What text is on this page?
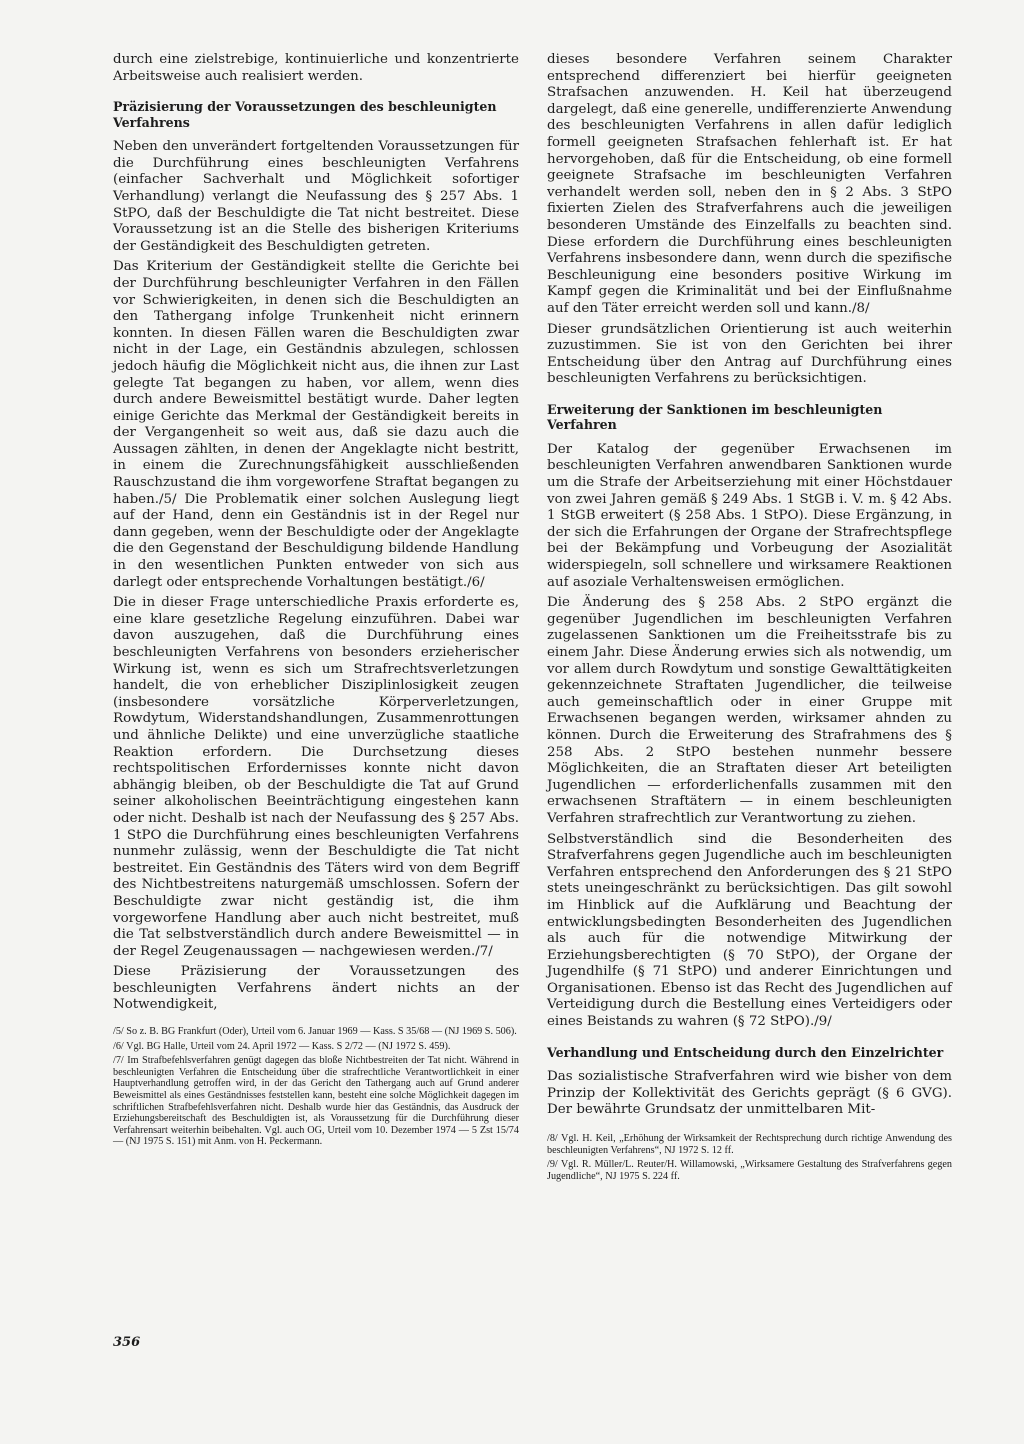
durch eine zielstrebige, kontinuierliche und konzentrierte Arbeitsweise auch realisiert werden.

Präzisierung der Voraussetzungen des beschleunigten Verfahrens

Neben den unverändert fortgeltenden Voraussetzungen für die Durchführung eines beschleunigten Verfahrens (einfacher Sachverhalt und Möglichkeit sofortiger Verhandlung) verlangt die Neufassung des § 257 Abs. 1 StPO, daß der Beschuldigte die Tat nicht bestreitet. Diese Voraussetzung ist an die Stelle des bisherigen Kriteriums der Geständigkeit des Beschuldigten getreten.

Das Kriterium der Geständigkeit stellte die Gerichte bei der Durchführung beschleunigter Verfahren in den Fällen vor Schwierigkeiten, in denen sich die Beschuldigten an den Tathergang infolge Trunkenheit nicht erinnern konnten. In diesen Fällen waren die Beschuldigten zwar nicht in der Lage, ein Geständnis abzulegen, schlossen jedoch häufig die Möglichkeit nicht aus, die ihnen zur Last gelegte Tat begangen zu haben, vor allem, wenn dies durch andere Beweismittel bestätigt wurde. Daher legten einige Gerichte das Merkmal der Geständigkeit bereits in der Vergangenheit so weit aus, daß sie dazu auch die Aussagen zählten, in denen der Angeklagte nicht bestritt, in einem die Zurechnungsfähigkeit ausschließenden Rauschzustand die ihm vorgeworfene Straftat begangen zu haben./5/ Die Problematik einer solchen Auslegung liegt auf der Hand, denn ein Geständnis ist in der Regel nur dann gegeben, wenn der Beschuldigte oder der Angeklagte die den Gegenstand der Beschuldigung bildende Handlung in den wesentlichen Punkten entweder von sich aus darlegt oder entsprechende Vorhaltungen bestätigt./6/

Die in dieser Frage unterschiedliche Praxis erforderte es, eine klare gesetzliche Regelung einzuführen. Dabei war davon auszugehen, daß die Durchführung eines beschleunigten Verfahrens von besonders erzieherischer Wirkung ist, wenn es sich um Strafrechtsverletzungen handelt, die von erheblicher Disziplinlosigkeit zeugen (insbesondere vorsätzliche Körperverletzungen, Rowdytum, Widerstandshandlungen, Zusammenrottungen und ähnliche Delikte) und eine unverzügliche staatliche Reaktion erfordern. Die Durchsetzung dieses rechtspolitischen Erfordernisses konnte nicht davon abhängig bleiben, ob der Beschuldigte die Tat auf Grund seiner alkoholischen Beeinträchtigung eingestehen kann oder nicht. Deshalb ist nach der Neufassung des § 257 Abs. 1 StPO die Durchführung eines beschleunigten Verfahrens nunmehr zulässig, wenn der Beschuldigte die Tat nicht bestreitet. Ein Geständnis des Täters wird von dem Begriff des Nichtbestreitens naturgemäß umschlossen. Sofern der Beschuldigte zwar nicht geständig ist, die ihm vorgeworfene Handlung aber auch nicht bestreitet, muß die Tat selbstverständlich durch andere Beweismittel — in der Regel Zeugenaussagen — nachgewiesen werden./7/

Diese Präzisierung der Voraussetzungen des beschleunigten Verfahrens ändert nichts an der Notwendigkeit,

/5/ So z. B. BG Frankfurt (Oder), Urteil vom 6. Januar 1969 — Kass. S 35/68 — (NJ 1969 S. 506).
/6/ Vgl. BG Halle, Urteil vom 24. April 1972 — Kass. S 2/72 — (NJ 1972 S. 459).
/7/ Im Strafbefehlsverfahren genügt dagegen das bloße Nichtbestreiten der Tat nicht. Während in beschleunigten Verfahren die Entscheidung über die strafrechtliche Verantwortlichkeit in einer Hauptverhandlung getroffen wird, in der das Gericht den Tathergang auch auf Grund anderer Beweismittel als eines Geständnisses feststellen kann, besteht eine solche Möglichkeit dagegen im schriftlichen Strafbefehlsverfahren nicht. Deshalb wurde hier das Geständnis, das Ausdruck der Erziehungsbereitschaft des Beschuldigten ist, als Voraussetzung für die Durchführung dieser Verfahrensart weiterhin beibehalten. Vgl. auch OG, Urteil vom 10. Dezember 1974 — 5 Zst 15/74 — (NJ 1975 S. 151) mit Anm. von H. Peckermann.

dieses besondere Verfahren seinem Charakter entsprechend differenziert bei hierfür geeigneten Strafsachen anzuwenden. H. Keil hat überzeugend dargelegt, daß eine generelle, undifferenzierte Anwendung des beschleunigten Verfahrens in allen dafür lediglich formell geeigneten Strafsachen fehlerhaft ist. Er hat hervorgehoben, daß für die Entscheidung, ob eine formell geeignete Strafsache im beschleunigten Verfahren verhandelt werden soll, neben den in § 2 Abs. 3 StPO fixierten Zielen des Strafverfahrens auch die jeweiligen besonderen Umstände des Einzelfalls zu beachten sind. Diese erfordern die Durchführung eines beschleunigten Verfahrens insbesondere dann, wenn durch die spezifische Beschleunigung eine besonders positive Wirkung im Kampf gegen die Kriminalität und bei der Einflußnahme auf den Täter erreicht werden soll und kann./8/

Dieser grundsätzlichen Orientierung ist auch weiterhin zuzustimmen. Sie ist von den Gerichten bei ihrer Entscheidung über den Antrag auf Durchführung eines beschleunigten Verfahrens zu berücksichtigen.

Erweiterung der Sanktionen im beschleunigten Verfahren

Der Katalog der gegenüber Erwachsenen im beschleunigten Verfahren anwendbaren Sanktionen wurde um die Strafe der Arbeitserziehung mit einer Höchstdauer von zwei Jahren gemäß § 249 Abs. 1 StGB i. V. m. § 42 Abs. 1 StGB erweitert (§ 258 Abs. 1 StPO). Diese Ergänzung, in der sich die Erfahrungen der Organe der Strafrechtspflege bei der Bekämpfung und Vorbeugung der Asozialität widerspiegeln, soll schnellere und wirksamere Reaktionen auf asoziale Verhaltensweisen ermöglichen.

Die Änderung des § 258 Abs. 2 StPO ergänzt die gegenüber Jugendlichen im beschleunigten Verfahren zugelassenen Sanktionen um die Freiheitsstrafe bis zu einem Jahr. Diese Änderung erwies sich als notwendig, um vor allem durch Rowdytum und sonstige Gewalttätigkeiten gekennzeichnete Straftaten Jugendlicher, die teilweise auch gemeinschaftlich oder in einer Gruppe mit Erwachsenen begangen werden, wirksamer ahnden zu können. Durch die Erweiterung des Strafrahmens des § 258 Abs. 2 StPO bestehen nunmehr bessere Möglichkeiten, die an Straftaten dieser Art beteiligten Jugendlichen — erforderlichenfalls zusammen mit den erwachsenen Straftätern — in einem beschleunigten Verfahren strafrechtlich zur Verantwortung zu ziehen.

Selbstverständlich sind die Besonderheiten des Strafverfahrens gegen Jugendliche auch im beschleunigten Verfahren entsprechend den Anforderungen des § 21 StPO stets uneingeschränkt zu berücksichtigen. Das gilt sowohl im Hinblick auf die Aufklärung und Beachtung der entwicklungsbedingten Besonderheiten des Jugendlichen als auch für die notwendige Mitwirkung der Erziehungsberechtigten (§ 70 StPO), der Organe der Jugendhilfe (§ 71 StPO) und anderer Einrichtungen und Organisationen. Ebenso ist das Recht des Jugendlichen auf Verteidigung durch die Bestellung eines Verteidigers oder eines Beistands zu wahren (§ 72 StPO)./9/

Verhandlung und Entscheidung durch den Einzelrichter

Das sozialistische Strafverfahren wird wie bisher von dem Prinzip der Kollektivität des Gerichts geprägt (§ 6 GVG). Der bewährte Grundsatz der unmittelbaren Mit-

/8/ Vgl. H. Keil, „Erhöhung der Wirksamkeit der Rechtsprechung durch richtige Anwendung des beschleunigten Verfahrens“, NJ 1972 S. 12 ff.
/9/ Vgl. R. Müller/L. Reuter/H. Willamowski, „Wirksamere Gestaltung des Strafverfahrens gegen Jugendliche“, NJ 1975 S. 224 ff.
356
